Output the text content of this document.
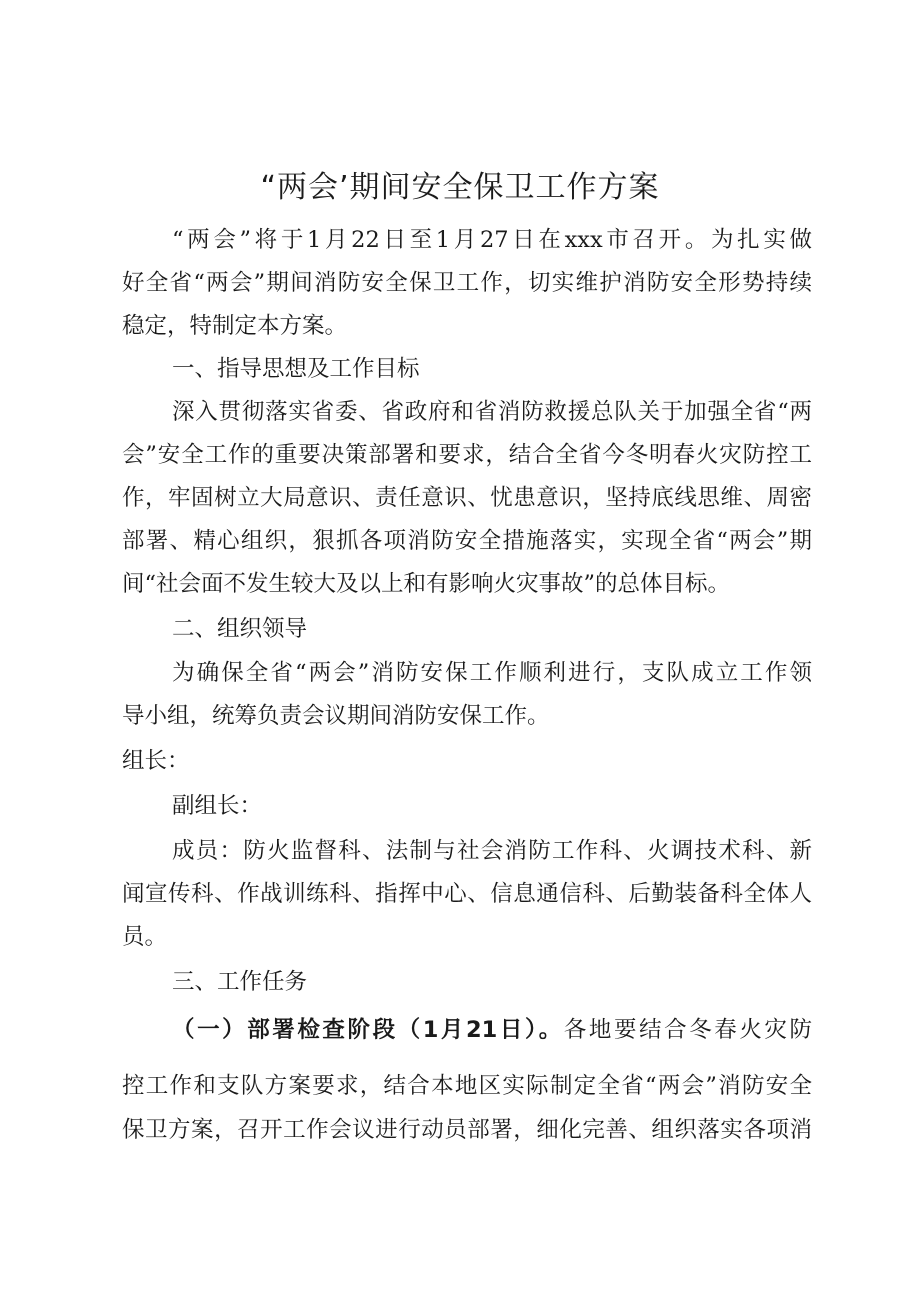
“两会’期间安全保卫工作方案
“两会”将于1月22日至1月27日在xxx市召开。为扎实做
好全省“两会”期间消防安全保卫工作，切实维护消防安全形势持续
稳定，特制定本方案。
一、指导思想及工作目标
深入贯彻落实省委、省政府和省消防救援总队关于加强全省“两
会”安全工作的重要决策部署和要求，结合全省今冬明春火灾防控工
作，牢固树立大局意识、责任意识、忧患意识，坚持底线思维、周密
部署、精心组织，狠抓各项消防安全措施落实，实现全省“两会”期
间“社会面不发生较大及以上和有影响火灾事故”的总体目标。
二、组织领导
为确保全省“两会”消防安保工作顺利进行，支队成立工作领
导小组，统筹负责会议期间消防安保工作。
组长：
副组长：
成员：防火监督科、法制与社会消防工作科、火调技术科、新
闻宣传科、作战训练科、指挥中心、信息通信科、后勤装备科全体人
员。
三、工作任务
（一）部署检查阶段（1月21日）。各地要结合冬春火灾防
控工作和支队方案要求，结合本地区实际制定全省“两会”消防安全
保卫方案，召开工作会议进行动员部署，细化完善、组织落实各项消
